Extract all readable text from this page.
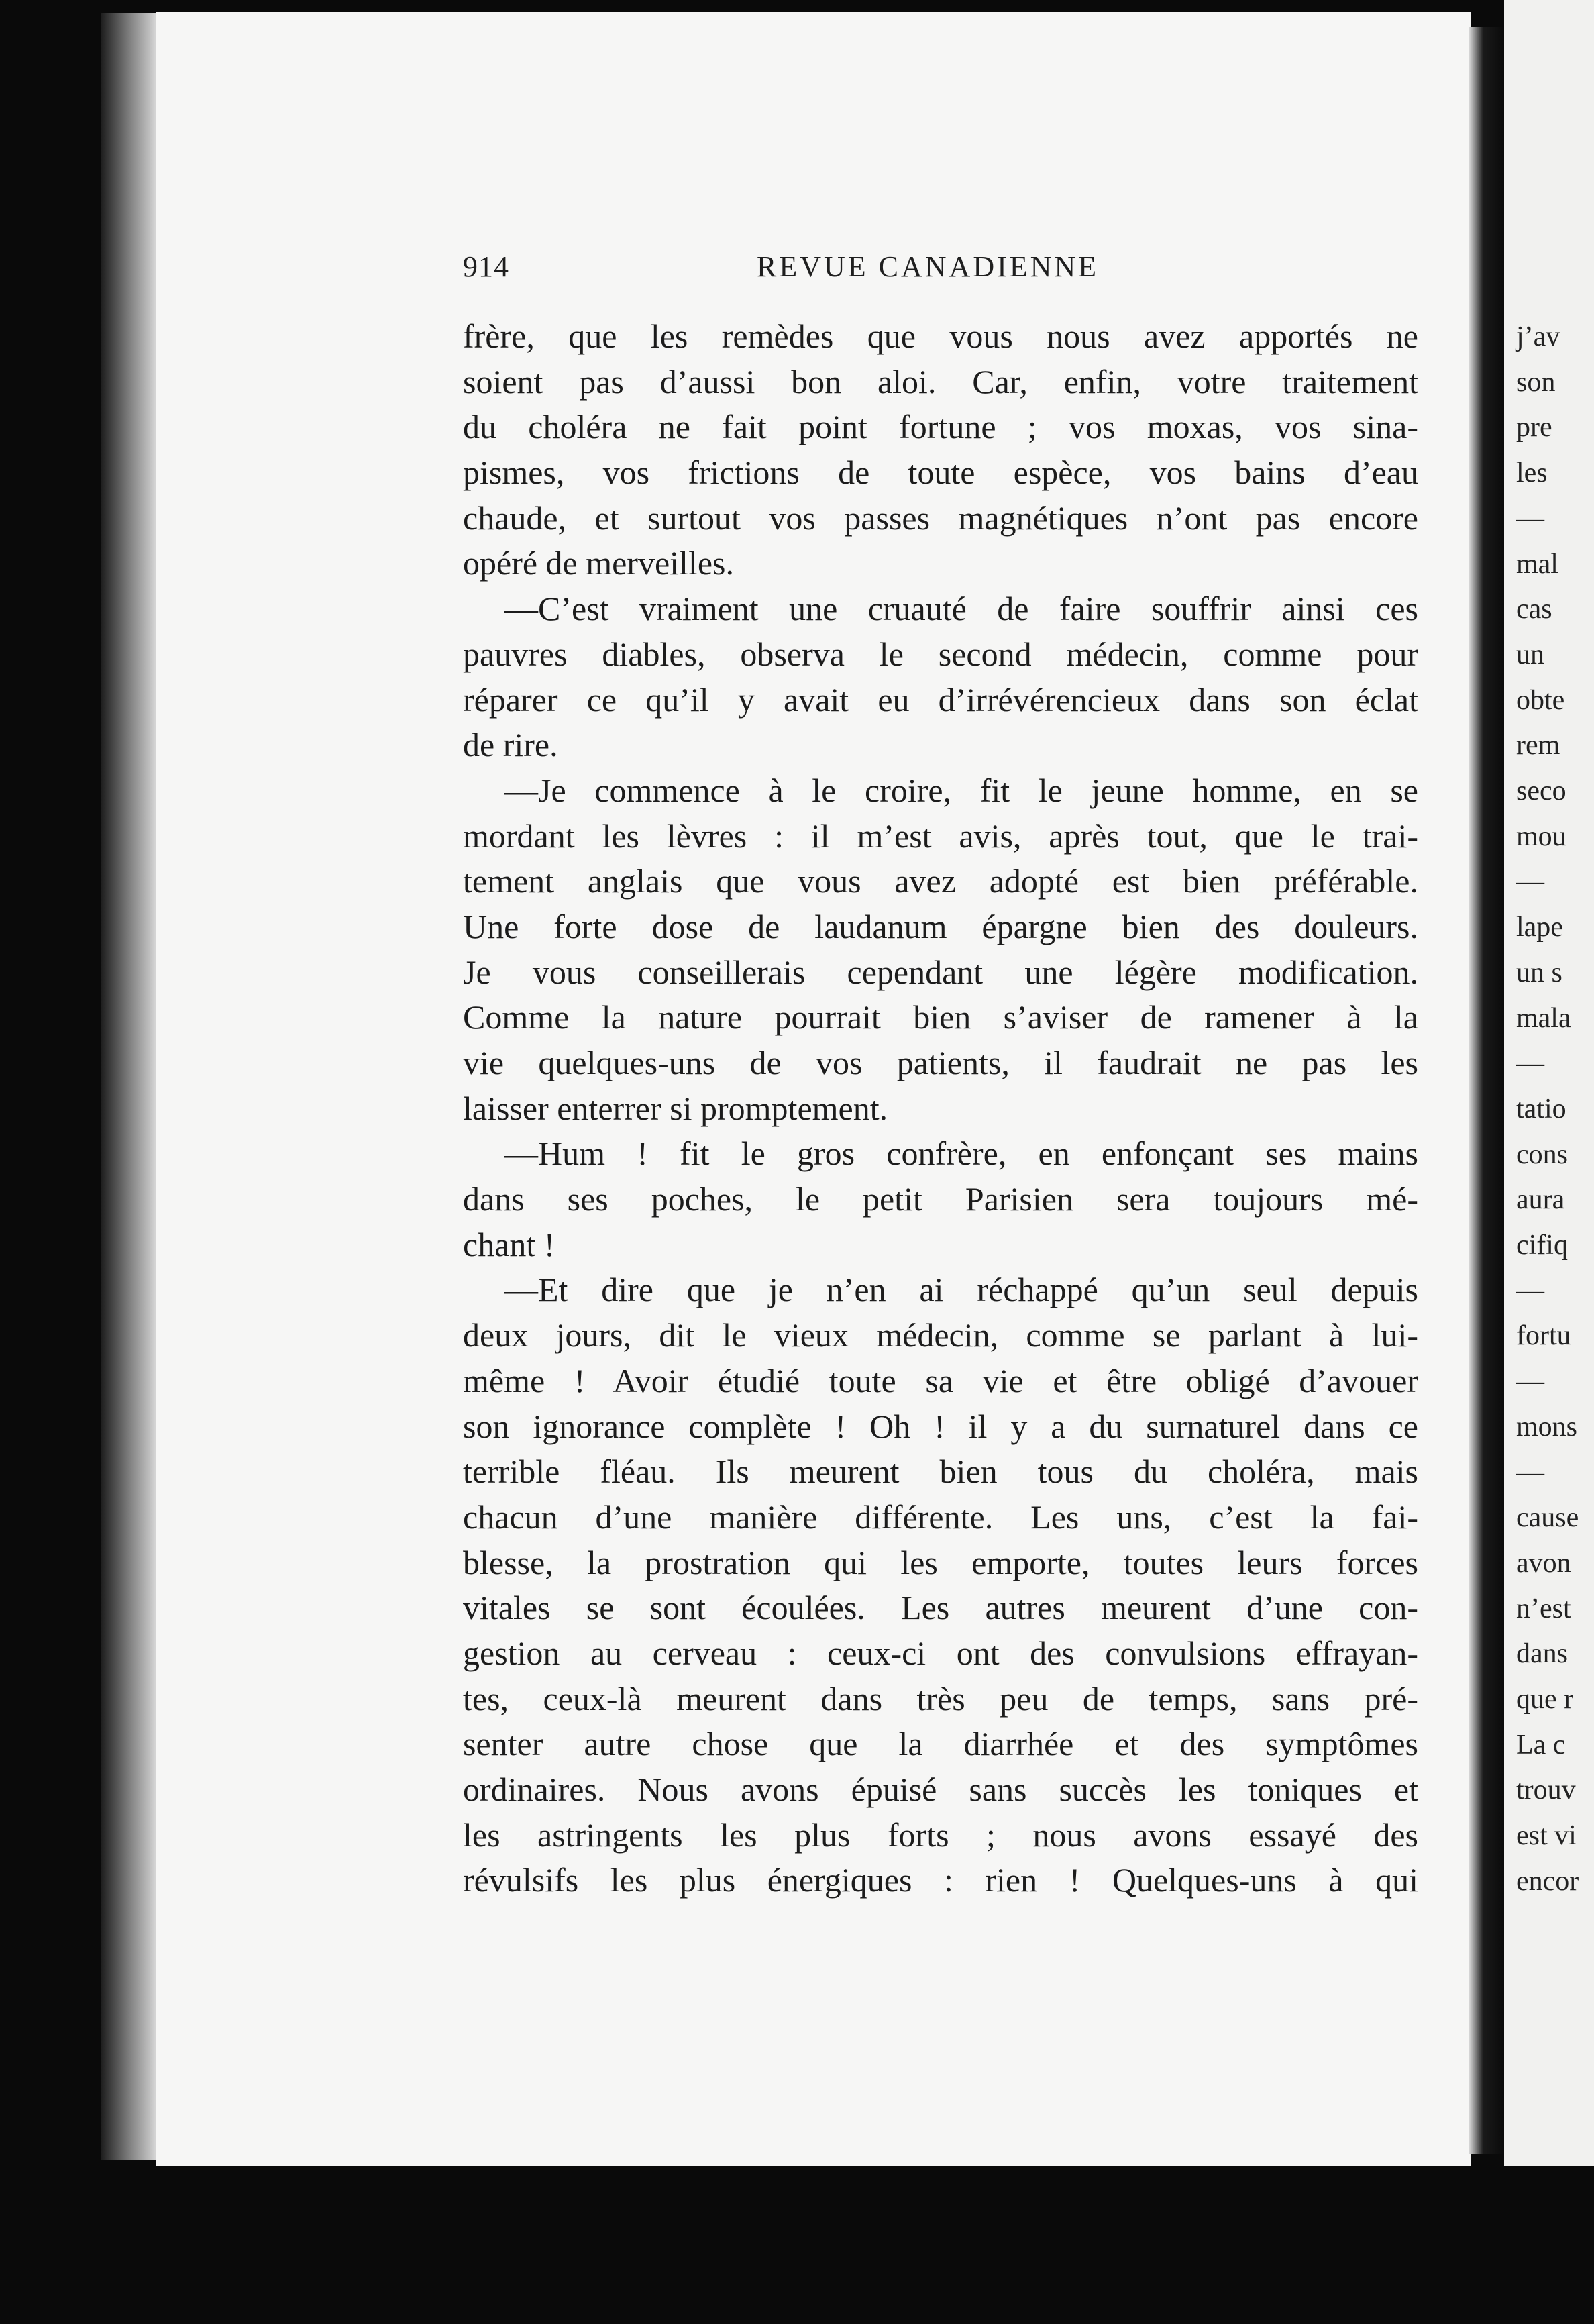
j’av
son
pre
les
—
mal
cas
un
obte
rem
seco
mou
—
lape
un s
mala
—
tatio
cons
aura
cifiq
—
fortu
—
mons
—
cause
avon
n’est
dans
que r
La c
trouv
est vi
encor
914	REVUE CANADIENNE
frère, que les remèdes que vous nous avez apportés ne
soient pas d’aussi bon aloi. Car, enfin, votre traitement
du choléra ne fait point fortune ; vos moxas, vos sina-
pismes, vos frictions de toute espèce, vos bains d’eau
chaude, et surtout vos passes magnétiques n’ont pas encore
opéré de merveilles.
—C’est vraiment une cruauté de faire souffrir ainsi ces
pauvres diables, observa le second médecin, comme pour
réparer ce qu’il y avait eu d’irrévérencieux dans son éclat
de rire.
—Je commence à le croire, fit le jeune homme, en se
mordant les lèvres : il m’est avis, après tout, que le trai-
tement anglais que vous avez adopté est bien préférable.
Une forte dose de laudanum épargne bien des douleurs.
Je vous conseillerais cependant une légère modification.
Comme la nature pourrait bien s’aviser de ramener à la
vie quelques-uns de vos patients, il faudrait ne pas les
laisser enterrer si promptement.
—Hum ! fit le gros confrère, en enfonçant ses mains
dans ses poches, le petit Parisien sera toujours mé-
chant !
—Et dire que je n’en ai réchappé qu’un seul depuis
deux jours, dit le vieux médecin, comme se parlant à lui-
même ! Avoir étudié toute sa vie et être obligé d’avouer
son ignorance complète ! Oh ! il y a du surnaturel dans ce
terrible fléau. Ils meurent bien tous du choléra, mais
chacun d’une manière différente. Les uns, c’est la fai-
blesse, la prostration qui les emporte, toutes leurs forces
vitales se sont écoulées. Les autres meurent d’une con-
gestion au cerveau : ceux-ci ont des convulsions effrayan-
tes, ceux-là meurent dans très peu de temps, sans pré-
senter autre chose que la diarrhée et des symptômes
ordinaires. Nous avons épuisé sans succès les toniques et
les astringents les plus forts ; nous avons essayé des
révulsifs les plus énergiques : rien ! Quelques-uns à qui
